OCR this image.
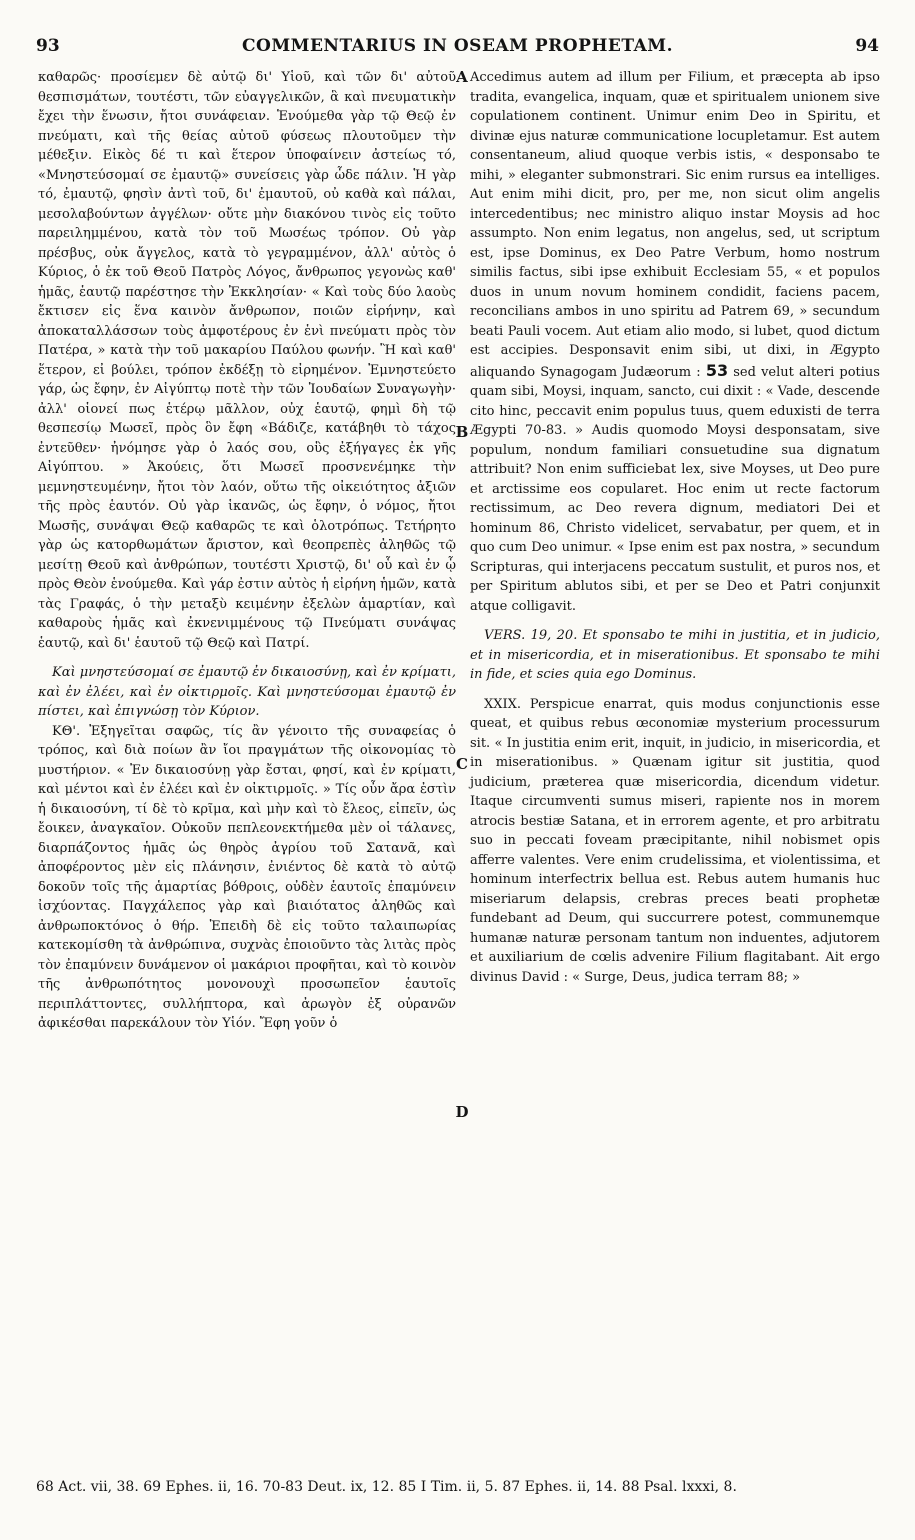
93	COMMENTARIUS IN OSEAM PROPHETAM.	94
A
B
C
D

καθαρῶς· προσίεμεν δὲ αὐτῷ δι' Υἱοῦ, καὶ τῶν δι' αὐτοῦ θεσπισμάτων, τουτέστι, τῶν εὐαγγελικῶν, ἃ καὶ πνευματικὴν ἔχει τὴν ἕνωσιν, ἤτοι συνάφειαν. Ἑνούμεθα γὰρ τῷ Θεῷ ἐν πνεύματι, καὶ τῆς θείας αὐτοῦ φύσεως πλουτοῦμεν τὴν μέθεξιν. Εἰκὸς δέ τι καὶ ἕτερον ὑποφαίνειν ἀστείως τό, «Μνηστεύσομαί σε ἐμαυτῷ» συνείσεις γὰρ ὧδε πάλιν. Ἡ γὰρ τό, ἐμαυτῷ, φησὶν ἀντὶ τοῦ, δι' ἐμαυτοῦ, οὐ καθὰ καὶ πάλαι, μεσολαβούντων ἀγγέλων· οὔτε μὴν διακόνου τινὸς εἰς τοῦτο παρειλημμένου, κατὰ τὸν τοῦ Μωσέως τρόπον. Οὐ γὰρ πρέσβυς, οὐκ ἄγγελος, κατὰ τὸ γεγραμμένον, ἀλλ' αὐτὸς ὁ Κύριος, ὁ ἐκ τοῦ Θεοῦ Πατρὸς Λόγος, ἄνθρωπος γεγονὼς καθ' ἡμᾶς, ἑαυτῷ παρέστησε τὴν Ἐκκλησίαν· « Καὶ τοὺς δύο λαοὺς ἔκτισεν εἰς ἕνα καινὸν ἄνθρωπον, ποιῶν εἰρήνην, καὶ ἀποκαταλλάσσων τοὺς ἀμφοτέρους ἐν ἑνὶ πνεύματι πρὸς τὸν Πατέρα, » κατὰ τὴν τοῦ μακαρίου Παύλου φωνήν. Ἢ καὶ καθ' ἕτερον, εἰ βούλει, τρόπον ἐκδέξῃ τὸ εἰρημένον. Ἐμνηστεύετο γάρ, ὡς ἔφην, ἐν Αἰγύπτῳ ποτὲ τὴν τῶν Ἰουδαίων Συναγωγὴν· ἀλλ' οἱονεί πως ἑτέρῳ μᾶλλον, οὐχ ἑαυτῷ, φημὶ δὴ τῷ θεσπεσίῳ Μωσεῖ, πρὸς ὃν ἔφη «Βάδιζε, κατάβηθι τὸ τάχος ἐντεῦθεν· ἠνόμησε γὰρ ὁ λαός σου, οὓς ἐξήγαγες ἐκ γῆς Αἰγύπτου. » Ἀκούεις, ὅτι Μωσεῖ προσνενέμηκε τὴν μεμνηστευμένην, ἤτοι τὸν λαόν, οὕτω τῆς οἰκειότητος ἀξιῶν τῆς πρὸς ἑαυτόν. Οὐ γὰρ ἱκανῶς, ὡς ἔφην, ὁ νόμος, ἤτοι Μωσῆς, συνάψαι Θεῷ καθαρῶς τε καὶ ὁλοτρόπως. Τετήρητο γὰρ ὡς κατορθωμάτων ἄριστον, καὶ θεοπρεπὲς ἀληθῶς τῷ μεσίτῃ Θεοῦ καὶ ἀνθρώπων, τουτέστι Χριστῷ, δι' οὗ καὶ ἐν ᾧ πρὸς Θεὸν ἑνούμεθα. Καὶ γάρ ἐστιν αὐτὸς ἡ εἰρήνη ἡμῶν, κατὰ τὰς Γραφάς, ὁ τὴν μεταξὺ κειμένην ἐξελὼν ἁμαρτίαν, καὶ καθαροὺς ἡμᾶς καὶ ἐκνενιμμένους τῷ Πνεύματι συνάψας ἑαυτῷ, καὶ δι' ἑαυτοῦ τῷ Θεῷ καὶ Πατρί.

Καὶ μνηστεύσομαί σε ἐμαυτῷ ἐν δικαιοσύνῃ, καὶ ἐν κρίματι, καὶ ἐν ἐλέει, καὶ ἐν οἰκτιρμοῖς. Καὶ μνηστεύσομαι ἐμαυτῷ ἐν πίστει, καὶ ἐπιγνώσῃ τὸν Κύριον.

ΚΘ'. Ἐξηγεῖται σαφῶς, τίς ἂν γένοιτο τῆς συναφείας ὁ τρόπος, καὶ διὰ ποίων ἂν ἴοι πραγμάτων τῆς οἰκονομίας τὸ μυστήριον. « Ἐν δικαιοσύνῃ γὰρ ἔσται, φησί, καὶ ἐν κρίματι, καὶ μέντοι καὶ ἐν ἐλέει καὶ ἐν οἰκτιρμοῖς. » Τίς οὖν ἄρα ἐστὶν ἡ δικαιοσύνη, τί δὲ τὸ κρῖμα, καὶ μὴν καὶ τὸ ἔλεος, εἰπεῖν, ὡς ἔοικεν, ἀναγκαῖον. Οὐκοῦν πεπλεονεκτήμεθα μὲν οἱ τάλανες, διαρπάζοντος ἡμᾶς ὡς θηρὸς ἀγρίου τοῦ Σατανᾶ, καὶ ἀποφέροντος μὲν εἰς πλάνησιν, ἐνιέντος δὲ κατὰ τὸ αὐτῷ δοκοῦν τοῖς τῆς ἁμαρτίας βόθροις, οὐδὲν ἑαυτοῖς ἐπαμύνειν ἰσχύοντας. Παγχάλεπος γὰρ καὶ βιαιότατος ἀληθῶς καὶ ἀνθρωποκτόνος ὁ θήρ. Ἐπειδὴ δὲ εἰς τοῦτο ταλαιπωρίας κατεκομίσθη τὰ ἀνθρώπινα, συχνὰς ἐποιοῦντο τὰς λιτὰς πρὸς τὸν ἐπαμύνειν δυνάμενον οἱ μακάριοι προφῆται, καὶ τὸ κοινὸν τῆς ἀνθρωπότητος μονονουχὶ προσωπεῖον ἑαυτοῖς περιπλάττοντες, συλλήπτορα, καὶ ἀρωγὸν ἐξ οὐρανῶν ἀφικέσθαι παρεκάλουν τὸν Υἱόν. Ἔφη γοῦν ὁ

Accedimus autem ad illum per Filium, et præcepta ab ipso tradita, evangelica, inquam, quæ et spiritualem unionem sive copulationem continent. Unimur enim Deo in Spiritu, et divinæ ejus naturæ communicatione locupletamur. Est autem consentaneum, aliud quoque verbis istis, « desponsabo te mihi, » eleganter submonstrari. Sic enim rursus ea intelliges. Aut enim mihi dicit, pro, per me, non sicut olim angelis intercedentibus; nec ministro aliquo instar Moysis ad hoc assumpto. Non enim legatus, non angelus, sed, ut scriptum est, ipse Dominus, ex Deo Patre Verbum, homo nostrum similis factus, sibi ipse exhibuit Ecclesiam 55, « et populos duos in unum novum hominem condidit, faciens pacem, reconcilians ambos in uno spiritu ad Patrem 69, » secundum beati Pauli vocem. Aut etiam alio modo, si lubet, quod dictum est accipies. Desponsavit enim sibi, ut dixi, in Ægypto aliquando Synagogam Judæorum : 53 sed velut alteri potius quam sibi, Moysi, inquam, sancto, cui dixit : « Vade, descende cito hinc, peccavit enim populus tuus, quem eduxisti de terra Ægypti 70-83. » Audis quomodo Moysi desponsatam, sive populum, nondum familiari consuetudine sua dignatum attribuit? Non enim sufficiebat lex, sive Moyses, ut Deo pure et arctissime eos copularet. Hoc enim ut recte factorum rectissimum, ac Deo revera dignum, mediatori Dei et hominum 86, Christo videlicet, servabatur, per quem, et in quo cum Deo unimur. « Ipse enim est pax nostra, » secundum Scripturas, qui interjacens peccatum sustulit, et puros nos, et per Spiritum ablutos sibi, et per se Deo et Patri conjunxit atque colligavit.

VERS. 19, 20. Et sponsabo te mihi in justitia, et in judicio, et in misericordia, et in miserationibus. Et sponsabo te mihi in fide, et scies quia ego Dominus.

XXIX. Perspicue enarrat, quis modus conjunctionis esse queat, et quibus rebus œconomiæ mysterium processurum sit. « In justitia enim erit, inquit, in judicio, in misericordia, et in miserationibus. » Quænam igitur sit justitia, quod judicium, præterea quæ misericordia, dicendum videtur. Itaque circumventi sumus miseri, rapiente nos in morem atrocis bestiæ Satana, et in errorem agente, et pro arbitratu suo in peccati foveam præcipitante, nihil nobismet opis afferre valentes. Vere enim crudelissima, et violentissima, et hominum interfectrix bellua est. Rebus autem humanis huc miseriarum delapsis, crebras preces beati prophetæ fundebant ad Deum, qui succurrere potest, communemque humanæ naturæ personam tantum non induentes, adjutorem et auxiliarium de cœlis advenire Filium flagitabant. Ait ergo divinus David : « Surge, Deus, judica terram 88; »

68 Act. vii, 38. 69 Ephes. ii, 16. 70-83 Deut. ix, 12. 85 I Tim. ii, 5. 87 Ephes. ii, 14. 88 Psal. lxxxi, 8.
